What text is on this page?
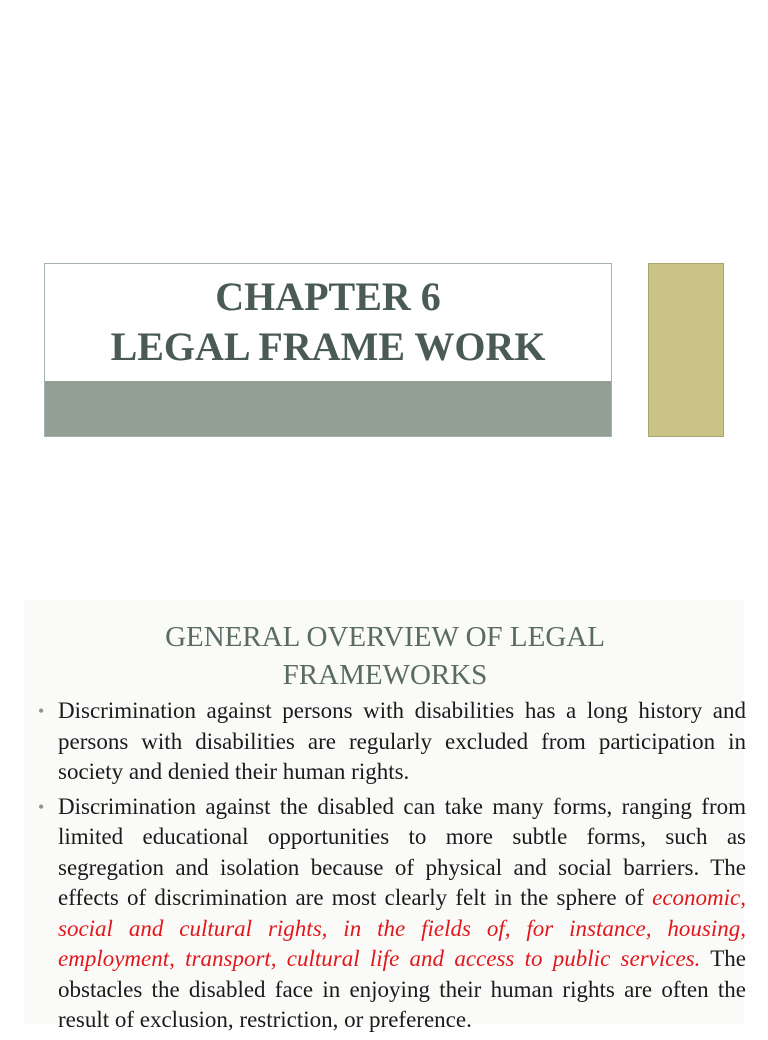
CHAPTER 6
LEGAL FRAME WORK
GENERAL OVERVIEW OF LEGAL
FRAMEWORKS
• Discrimination against persons with disabilities has a long history and persons with disabilities are regularly excluded from participation in society and denied their human rights.
• Discrimination against the disabled can take many forms, ranging from limited educational opportunities to more subtle forms, such as segregation and isolation because of physical and social barriers. The effects of discrimination are most clearly felt in the sphere of economic, social and cultural rights, in the fields of, for instance, housing, employment, transport, cultural life and access to public services. The obstacles the disabled face in enjoying their human rights are often the result of exclusion, restriction, or preference.
